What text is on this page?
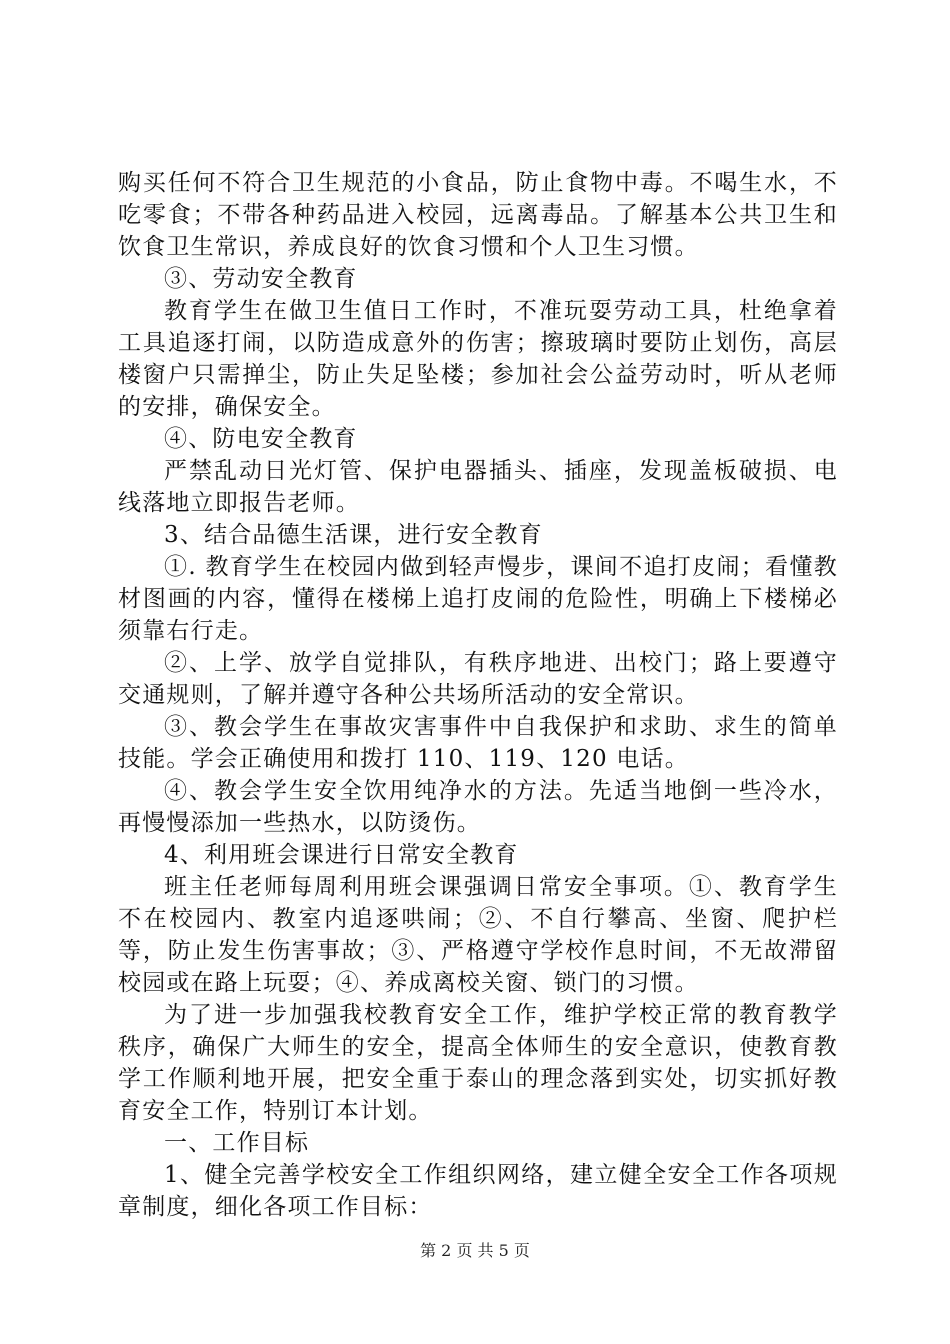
购买任何不符合卫生规范的小食品，防止食物中毒。不喝生水，不吃零食；不带各种药品进入校园，远离毒品。了解基本公共卫生和饮食卫生常识，养成良好的饮食习惯和个人卫生习惯。

③、劳动安全教育

教育学生在做卫生值日工作时，不准玩耍劳动工具，杜绝拿着工具追逐打闹，以防造成意外的伤害；擦玻璃时要防止划伤，高层楼窗户只需掸尘，防止失足坠楼；参加社会公益劳动时，听从老师的安排，确保安全。

④、防电安全教育

严禁乱动日光灯管、保护电器插头、插座，发现盖板破损、电线落地立即报告老师。

3、结合品德生活课，进行安全教育

①. 教育学生在校园内做到轻声慢步，课间不追打皮闹；看懂教材图画的内容，懂得在楼梯上追打皮闹的危险性，明确上下楼梯必须靠右行走。

②、上学、放学自觉排队，有秩序地进、出校门；路上要遵守交通规则，了解并遵守各种公共场所活动的安全常识。

③、教会学生在事故灾害事件中自我保护和求助、求生的简单技能。学会正确使用和拨打 110、119、120 电话。

④、教会学生安全饮用纯净水的方法。先适当地倒一些冷水，再慢慢添加一些热水，以防烫伤。

4、利用班会课进行日常安全教育

班主任老师每周利用班会课强调日常安全事项。①、教育学生不在校园内、教室内追逐哄闹；②、不自行攀高、坐窗、爬护栏等，防止发生伤害事故；③、严格遵守学校作息时间，不无故滞留校园或在路上玩耍；④、养成离校关窗、锁门的习惯。

为了进一步加强我校教育安全工作，维护学校正常的教育教学秩序，确保广大师生的安全，提高全体师生的安全意识，使教育教学工作顺利地开展，把安全重于泰山的理念落到实处，切实抓好教育安全工作，特别订本计划。

一、工作目标

1、健全完善学校安全工作组织网络，建立健全安全工作各项规章制度，细化各项工作目标：

第 2 页 共 5 页
